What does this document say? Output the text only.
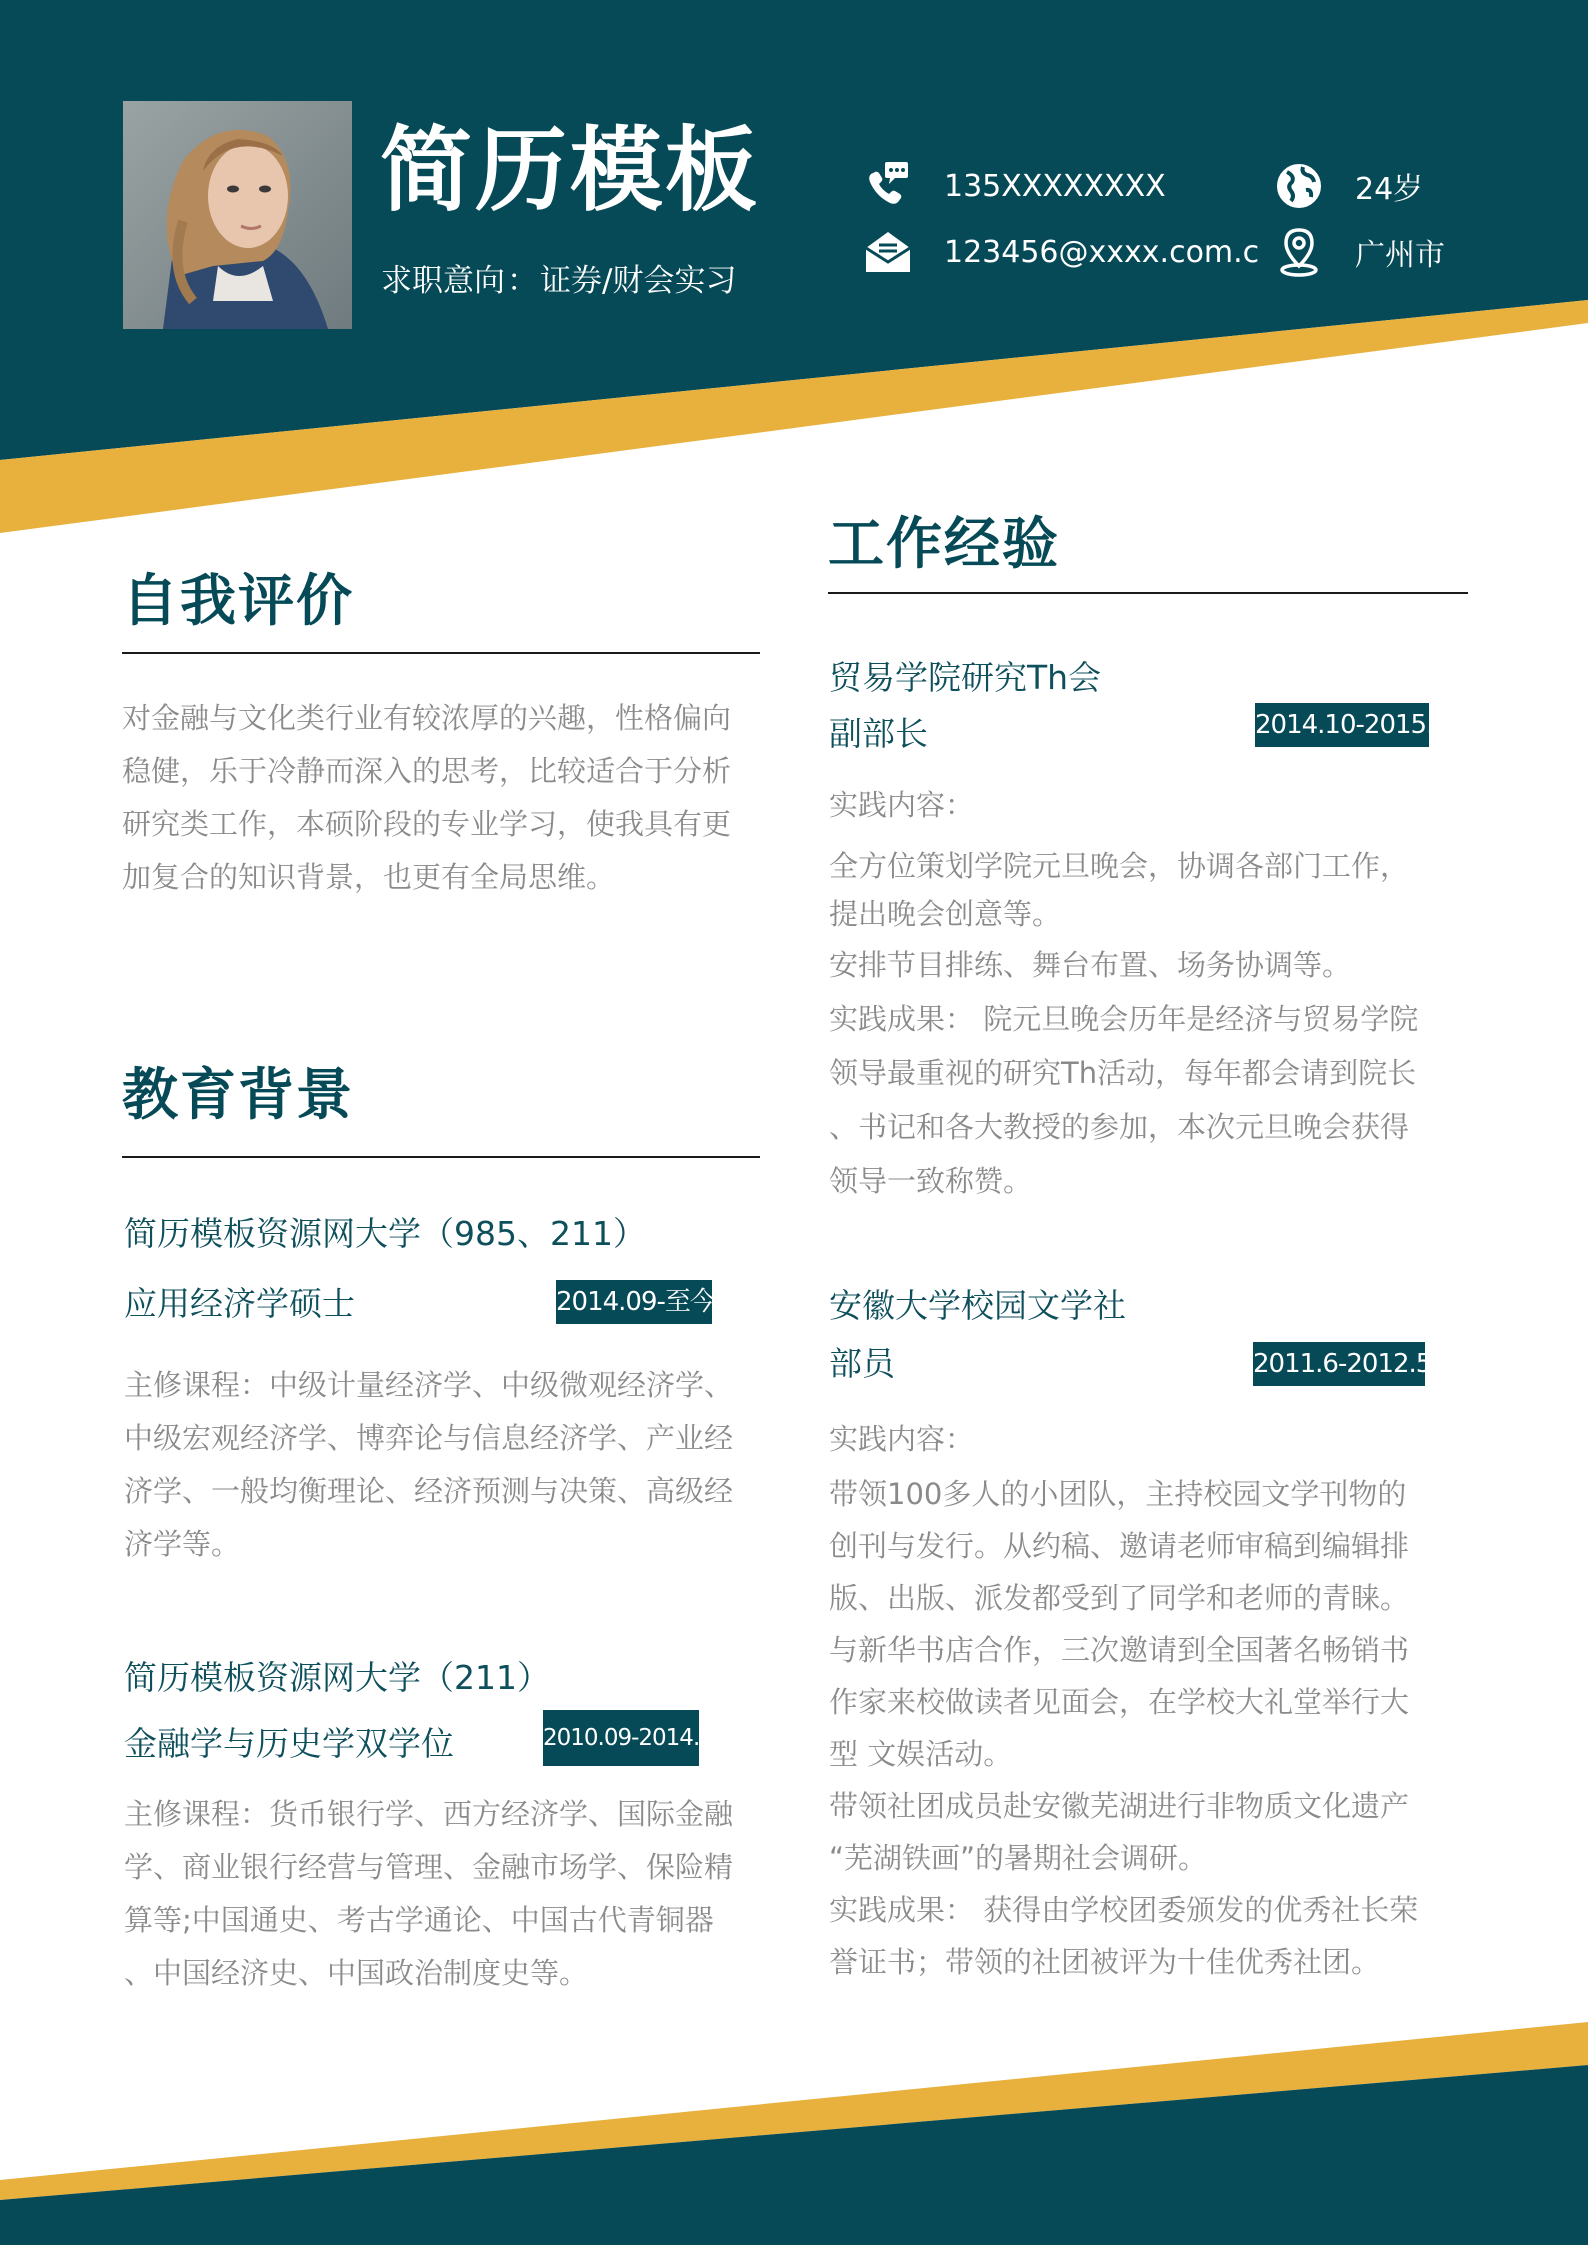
简历模板
求职意向：证券/财会实习
135XXXXXXXX	24岁
123456@xxxx.com.c	广州市
自我评价
对金融与文化类行业有较浓厚的兴趣，性格偏向
稳健，乐于冷静而深入的思考，比较适合于分析
研究类工作，本硕阶段的专业学习，使我具有更
加复合的知识背景，也更有全局思维。
教育背景
简历模板资源网大学（985、211）
应用经济学硕士	2014.09-至今
主修课程：中级计量经济学、中级微观经济学、
中级宏观经济学、博弈论与信息经济学、产业经
济学、一般均衡理论、经济预测与决策、高级经
济学等。
简历模板资源网大学（211）
金融学与历史学双学位	2010.09-2014.06
主修课程：货币银行学、西方经济学、国际金融
学、商业银行经营与管理、金融市场学、保险精
算等;中国通史、考古学通论、中国古代青铜器
、中国经济史、中国政治制度史等。
工作经验
贸易学院研究Th会
副部长	2014.10-2015.8
实践内容：
全方位策划学院元旦晚会，协调各部门工作，
提出晚会创意等。
安排节目排练、舞台布置、场务协调等。
实践成果： 院元旦晚会历年是经济与贸易学院
领导最重视的研究Th活动，每年都会请到院长
、书记和各大教授的参加，本次元旦晚会获得
领导一致称赞。
安徽大学校园文学社
部员	2011.6-2012.5
实践内容：
带领100多人的小团队，主持校园文学刊物的
创刊与发行。从约稿、邀请老师审稿到编辑排
版、出版、派发都受到了同学和老师的青睐。
与新华书店合作，三次邀请到全国著名畅销书
作家来校做读者见面会，在学校大礼堂举行大
型 文娱活动。
带领社团成员赴安徽芜湖进行非物质文化遗产
“芜湖铁画”的暑期社会调研。
实践成果： 获得由学校团委颁发的优秀社长荣
誉证书；带领的社团被评为十佳优秀社团。
